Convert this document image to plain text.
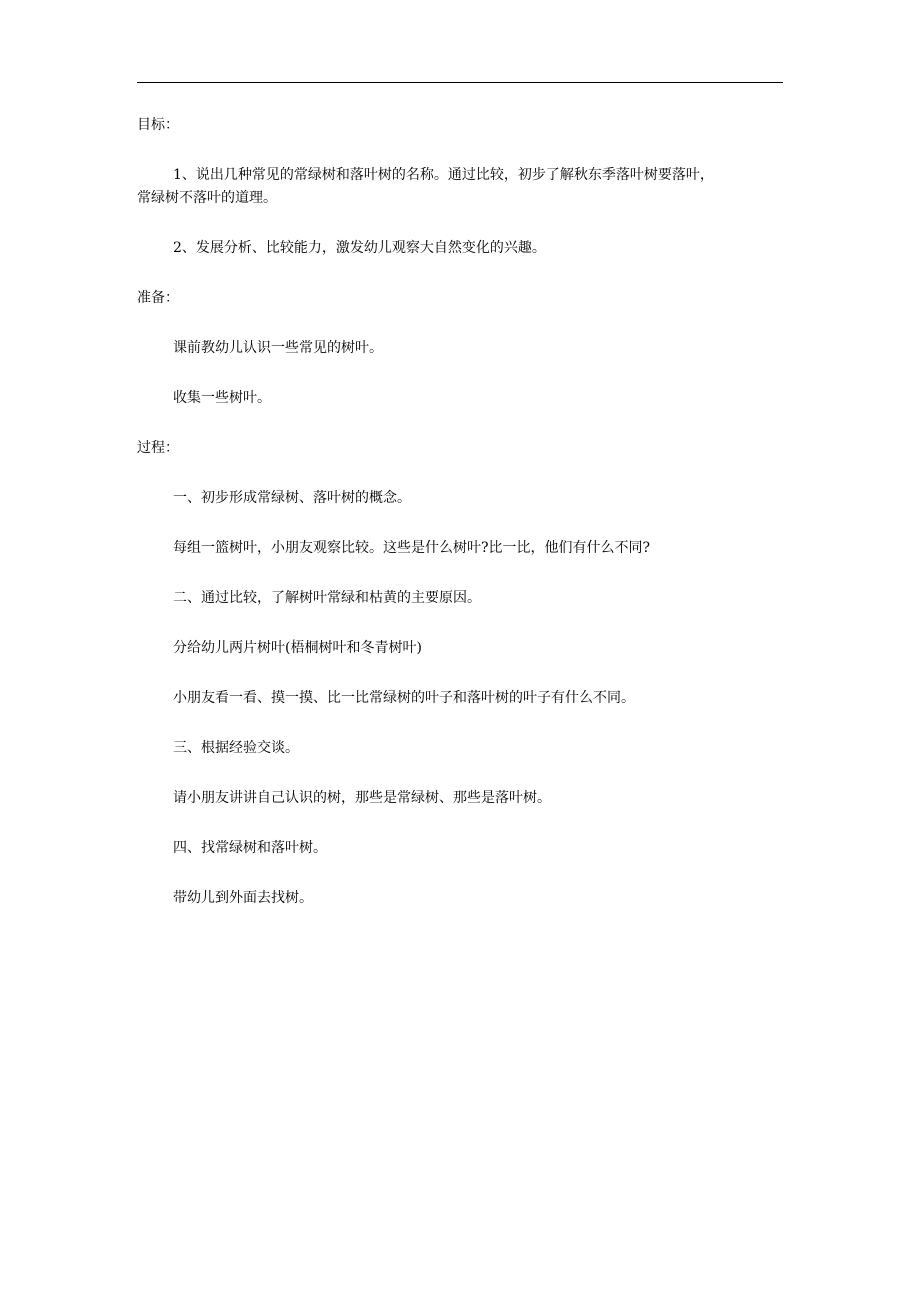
目标：

1、说出几种常见的常绿树和落叶树的名称。通过比较，初步了解秋东季落叶树要落叶，
常绿树不落叶的道理。

2、发展分析、比较能力，激发幼儿观察大自然变化的兴趣。

准备：

课前教幼儿认识一些常见的树叶。

收集一些树叶。

过程：

一、初步形成常绿树、落叶树的概念。

每组一篮树叶，小朋友观察比较。这些是什么树叶?比一比，他们有什么不同?

二、通过比较，了解树叶常绿和枯黄的主要原因。

分给幼儿两片树叶(梧桐树叶和冬青树叶)

小朋友看一看、摸一摸、比一比常绿树的叶子和落叶树的叶子有什么不同。

三、根据经验交谈。

请小朋友讲讲自己认识的树，那些是常绿树、那些是落叶树。

四、找常绿树和落叶树。

带幼儿到外面去找树。
